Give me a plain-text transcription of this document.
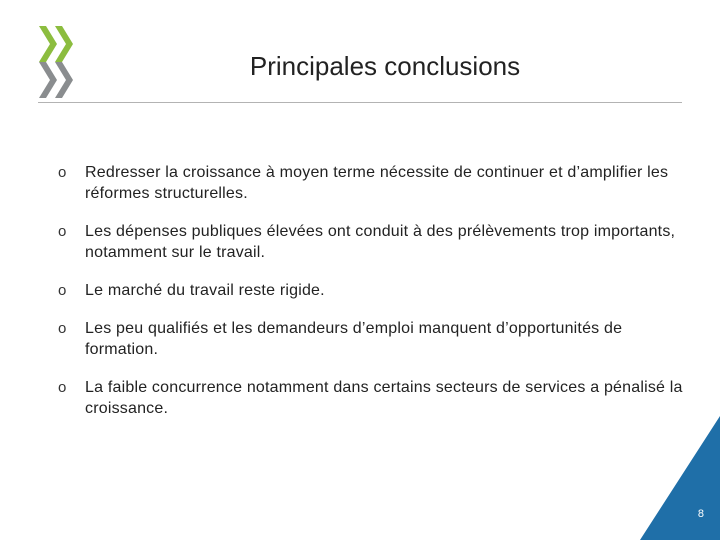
Principales conclusions
o Redresser la croissance à moyen terme nécessite de continuer et d’amplifier les réformes structurelles.
o Les dépenses publiques élevées ont conduit à des prélèvements trop importants, notamment sur le travail.
o Le marché du travail reste rigide.
o Les peu qualifiés et les demandeurs d’emploi manquent d’opportunités de formation.
o La faible concurrence notamment dans certains secteurs de services a pénalisé la croissance.
8
